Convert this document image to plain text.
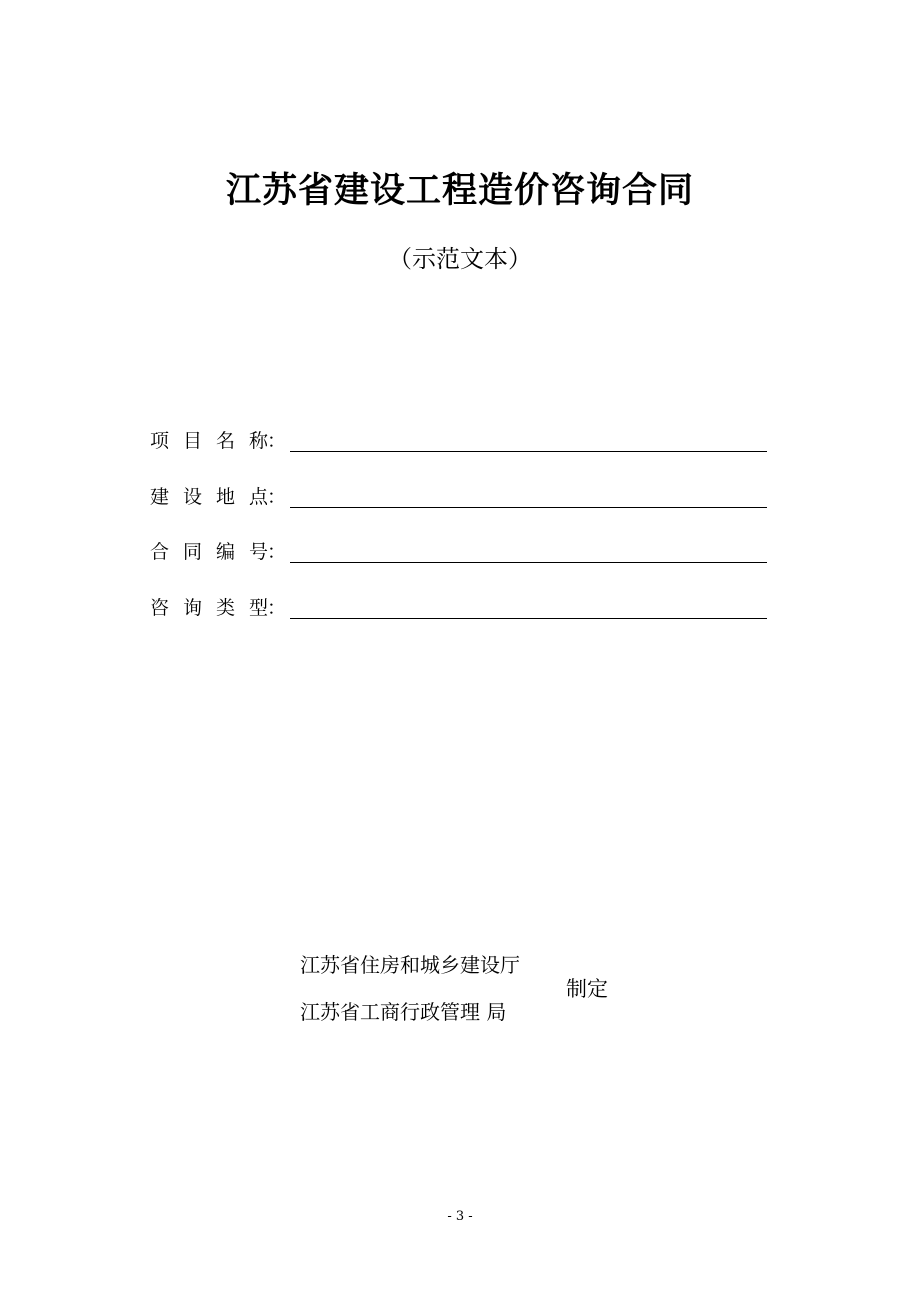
江苏省建设工程造价咨询合同
（示范文本）
项 目 名 称：
建 设 地 点：
合 同 编 号：
咨 询 类 型：
江苏省住房和城乡建设厅
江苏省工商行政管理 局
制定
- 3 -
